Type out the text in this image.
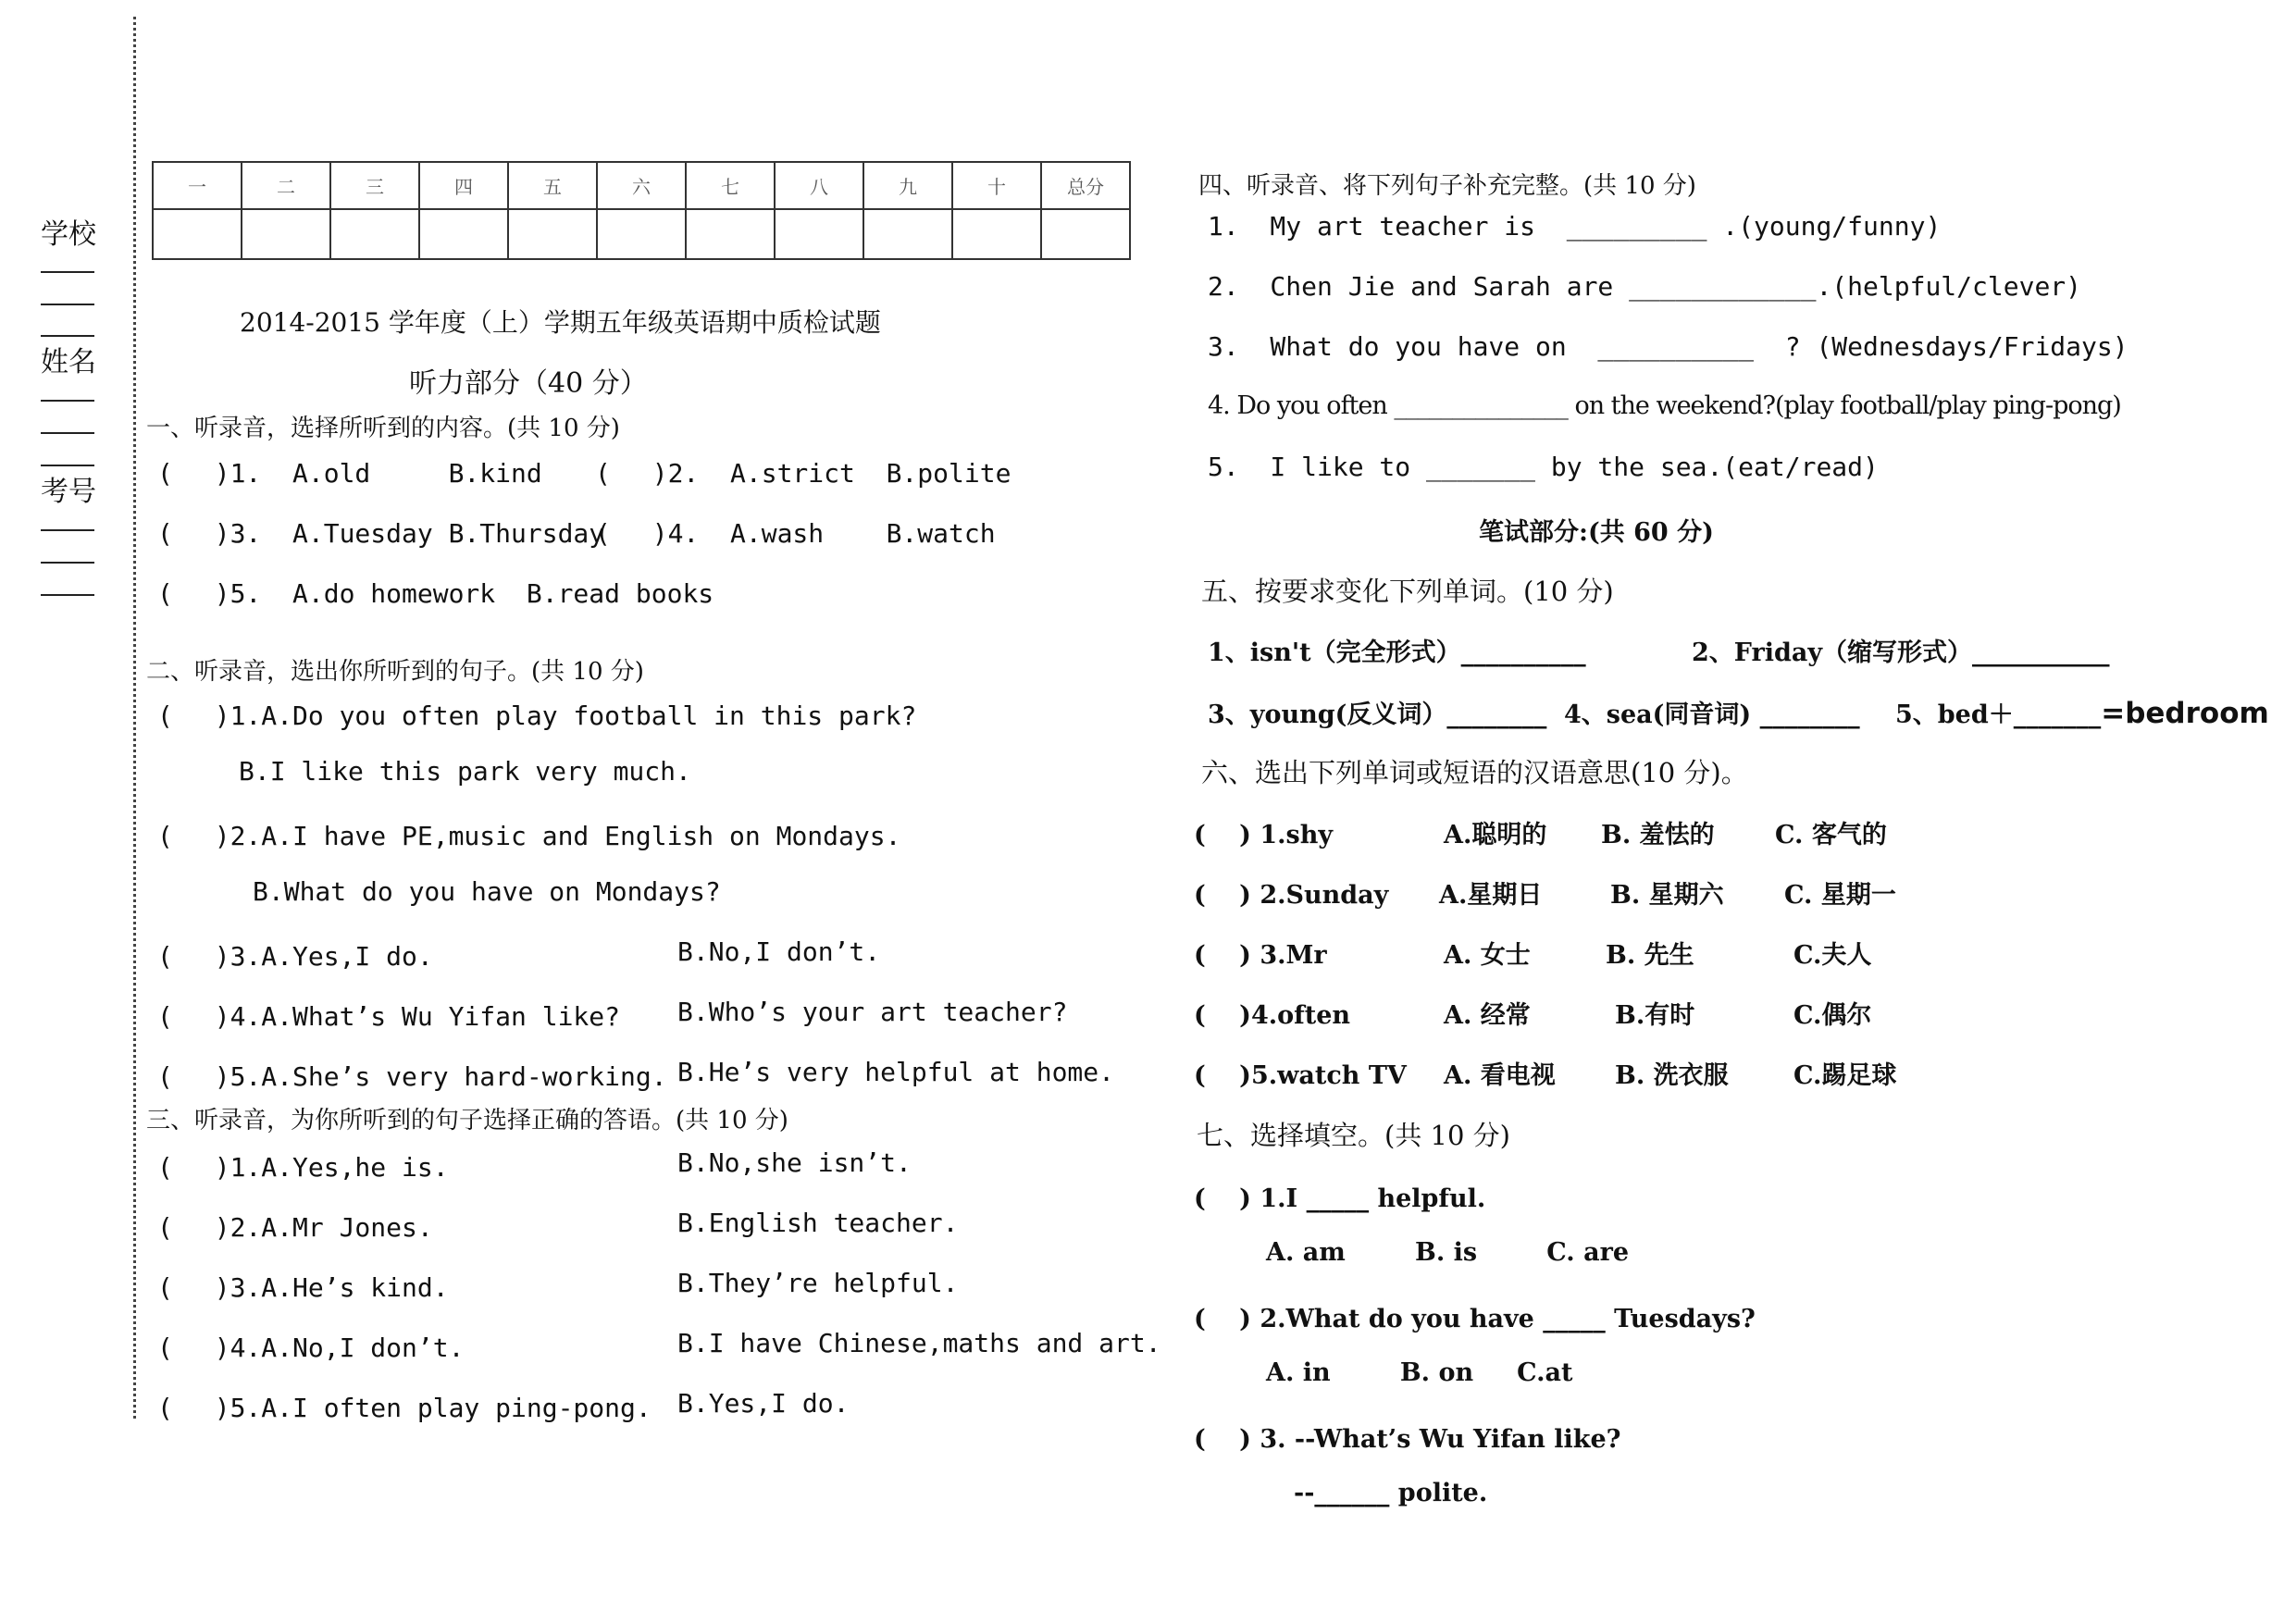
学校
姓名
考号
一	二	三	四	五	六	七	八	九	十	总分

2014-2015 学年度（上）学期五年级英语期中质检试题
听力部分（40 分）
一、听录音，选择所听到的内容。(共 10 分)
(　 )1.  A.old     B.kind (　 )2.  A.strict  B.polite
(　 )3.  A.Tuesday B.Thursday
(　 )4.  A.wash    B.watch
(　 )5.  A.do homework  B.read books
二、听录音，选出你所听到的句子。(共 10 分)
(　 )1.A.Do you often play football in this park?
B.I like this park very much.
(　 )2.A.I have PE,music and English on Mondays.
B.What do you have on Mondays?
(　 )3.A.Yes,I do.	B.No,I don’t.
(　 )4.A.What’s Wu Yifan like? B.Who’s your art teacher?
(　 )5.A.She’s very hard-working. B.He’s very helpful at home.
三、听录音，为你所听到的句子选择正确的答语。(共 10 分)
(　 )1.A.Yes,he is.	B.No,she isn’t.
(　 )2.A.Mr Jones.	B.English teacher.
(　 )3.A.He’s kind.	B.They’re helpful.
(　 )4.A.No,I don’t.	B.I have Chinese,maths and art.
(　 )5.A.I often play ping-pong. B.Yes,I do.
四、听录音、将下列句子补充完整。(共 10 分)
1.  My art teacher is  _________ .(young/funny)
2.  Chen Jie and Sarah are ____________.(helpful/clever)
3.  What do you have on  __________  ? (Wednesdays/Fridays)
4. Do you often _______________ on the weekend?(play football/play ping-pong)
5.  I like to _______ by the sea.(eat/read)
笔试部分:(共 60 分)
五、按要求变化下列单词。(10 分)
1、isn't（完全形式）__________	2、Friday（缩写形式）___________
3、young(反义词）________ 4、sea(同音词) ________ 5、bed＋_______=bedroom
六、选出下列单词或短语的汉语意思(10 分)。
(　 ) 1.shy	A.聪明的 B. 羞怯的 C. 客气的
(　 ) 2.Sunday A.星期日	B. 星期六 C. 星期一
(　 ) 3.Mr	A. 女士	B. 先生	C.夫人
(　 )4.often	A. 经常	B.有时	C.偶尔
(　 )5.watch TV A. 看电视 B. 洗衣服	C.踢足球
七、选择填空。(共 10 分)
(　 ) 1.I _____ helpful.
A. am        B. is        C. are
(　 ) 2.What do you have _____ Tuesdays?
A. in        B. on     C.at
(　 ) 3. --What’s Wu Yifan like?
--______ polite.
